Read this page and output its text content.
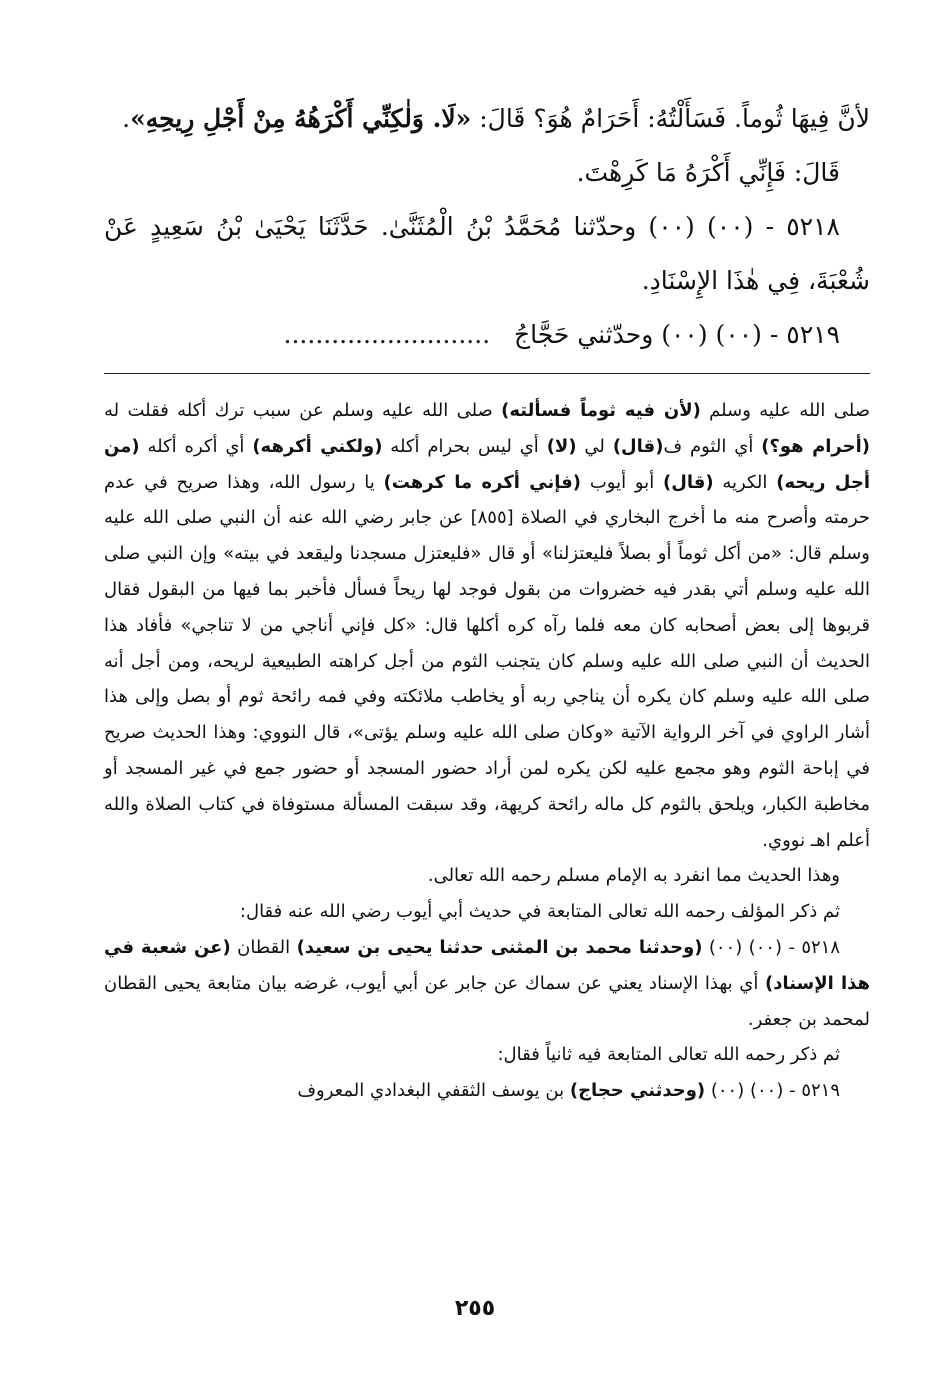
لأنَّ فِيهَا ثُوماً. فَسَأَلْتُهُ: أَحَرَامٌ هُوَ؟ قَالَ: «لَا. وَلٰكِنِّي أَكْرَهُهُ مِنْ أَجْلِ رِيحِهِ».

قَالَ: فَإِنِّي أَكْرَهُ مَا كَرِهْتَ.

٥٢١٨ - (٠٠) (٠٠) وحدّثنا مُحَمَّدُ بْنُ الْمُثَنَّىٰ. حَدَّثَنَا يَحْيَىٰ بْنُ سَعِيدٍ عَنْ شُعْبَةَ، فِي هٰذَا الإِسْنَادِ.

٥٢١٩ - (٠٠) (٠٠) وحدّثني حَجَّاجُ   ..........................

صلى الله عليه وسلم (لأن فيه ثوماً فسألته) صلى الله عليه وسلم عن سبب ترك أكله فقلت له (أحرام هو؟) أي الثوم ف(قال) لي (لا) أي ليس بحرام أكله (ولكني أكرهه) أي أكره أكله (من أجل ريحه) الكريه (قال) أبو أيوب (فإني أكره ما كرهت) يا رسول الله، وهذا صريح في عدم حرمته وأصرح منه ما أخرج البخاري في الصلاة [٨٥٥] عن جابر رضي الله عنه أن النبي صلى الله عليه وسلم قال: «من أكل ثوماً أو بصلاً فليعتزلنا» أو قال «فليعتزل مسجدنا وليقعد في بيته» وإن النبي صلى الله عليه وسلم أتي بقدر فيه خضروات من بقول فوجد لها ريحاً فسأل فأخبر بما فيها من البقول فقال قربوها إلى بعض أصحابه كان معه فلما رآه كره أكلها قال: «كل فإني أناجي من لا تناجي» فأفاد هذا الحديث أن النبي صلى الله عليه وسلم كان يتجنب الثوم من أجل كراهته الطبيعية لريحه، ومن أجل أنه صلى الله عليه وسلم كان يكره أن يناجي ربه أو يخاطب ملائكته وفي فمه رائحة ثوم أو بصل وإلى هذا أشار الراوي في آخر الرواية الآتية «وكان صلى الله عليه وسلم يؤتى»، قال النووي: وهذا الحديث صريح في إباحة الثوم وهو مجمع عليه لكن يكره لمن أراد حضور المسجد أو حضور جمع في غير المسجد أو مخاطبة الكبار، ويلحق بالثوم كل ماله رائحة كريهة، وقد سبقت المسألة مستوفاة في كتاب الصلاة والله أعلم اهـ نووي.

وهذا الحديث مما انفرد به الإمام مسلم رحمه الله تعالى.

ثم ذكر المؤلف رحمه الله تعالى المتابعة في حديث أبي أيوب رضي الله عنه فقال:

٥٢١٨ - (٠٠) (٠٠) (وحدثنا محمد بن المثنى حدثنا يحيى بن سعيد) القطان (عن شعبة في هذا الإسناد) أي بهذا الإسناد يعني عن سماك عن جابر عن أبي أيوب، غرضه بيان متابعة يحيى القطان لمحمد بن جعفر.

ثم ذكر رحمه الله تعالى المتابعة فيه ثانياً فقال:

٥٢١٩ - (٠٠) (٠٠) (وحدثني حجاج) بن يوسف الثقفي البغدادي المعروف

٢٥٥
